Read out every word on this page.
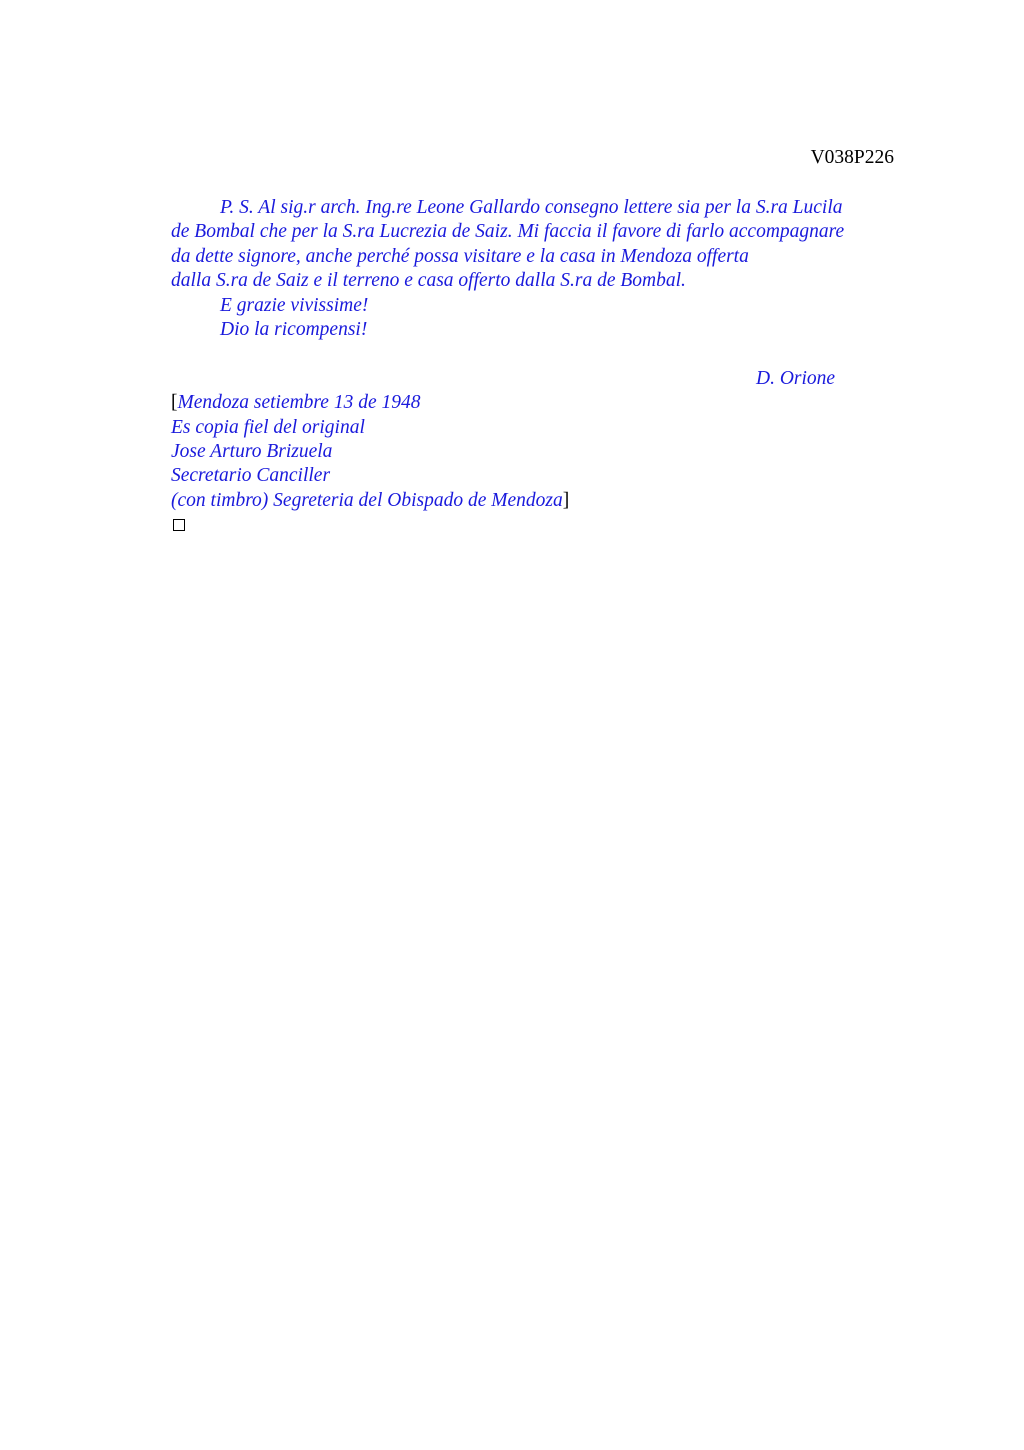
V038P226
P. S. Al sig.r arch. Ing.re Leone Gallardo consegno lettere sia per la S.ra Lucila
de Bombal che per la S.ra Lucrezia de Saiz. Mi faccia il favore di farlo accompagnare
da dette signore, anche perché possa visitare e la casa in Mendoza offerta
dalla S.ra de Saiz e il terreno e casa offerto dalla S.ra de Bombal.
E grazie vivissime!
Dio la ricompensi!
D. Orione
[Mendoza setiembre 13 de 1948
Es copia fiel del original
Jose Arturo Brizuela
Secretario Canciller
(con timbro) Segreteria del Obispado de Mendoza]
